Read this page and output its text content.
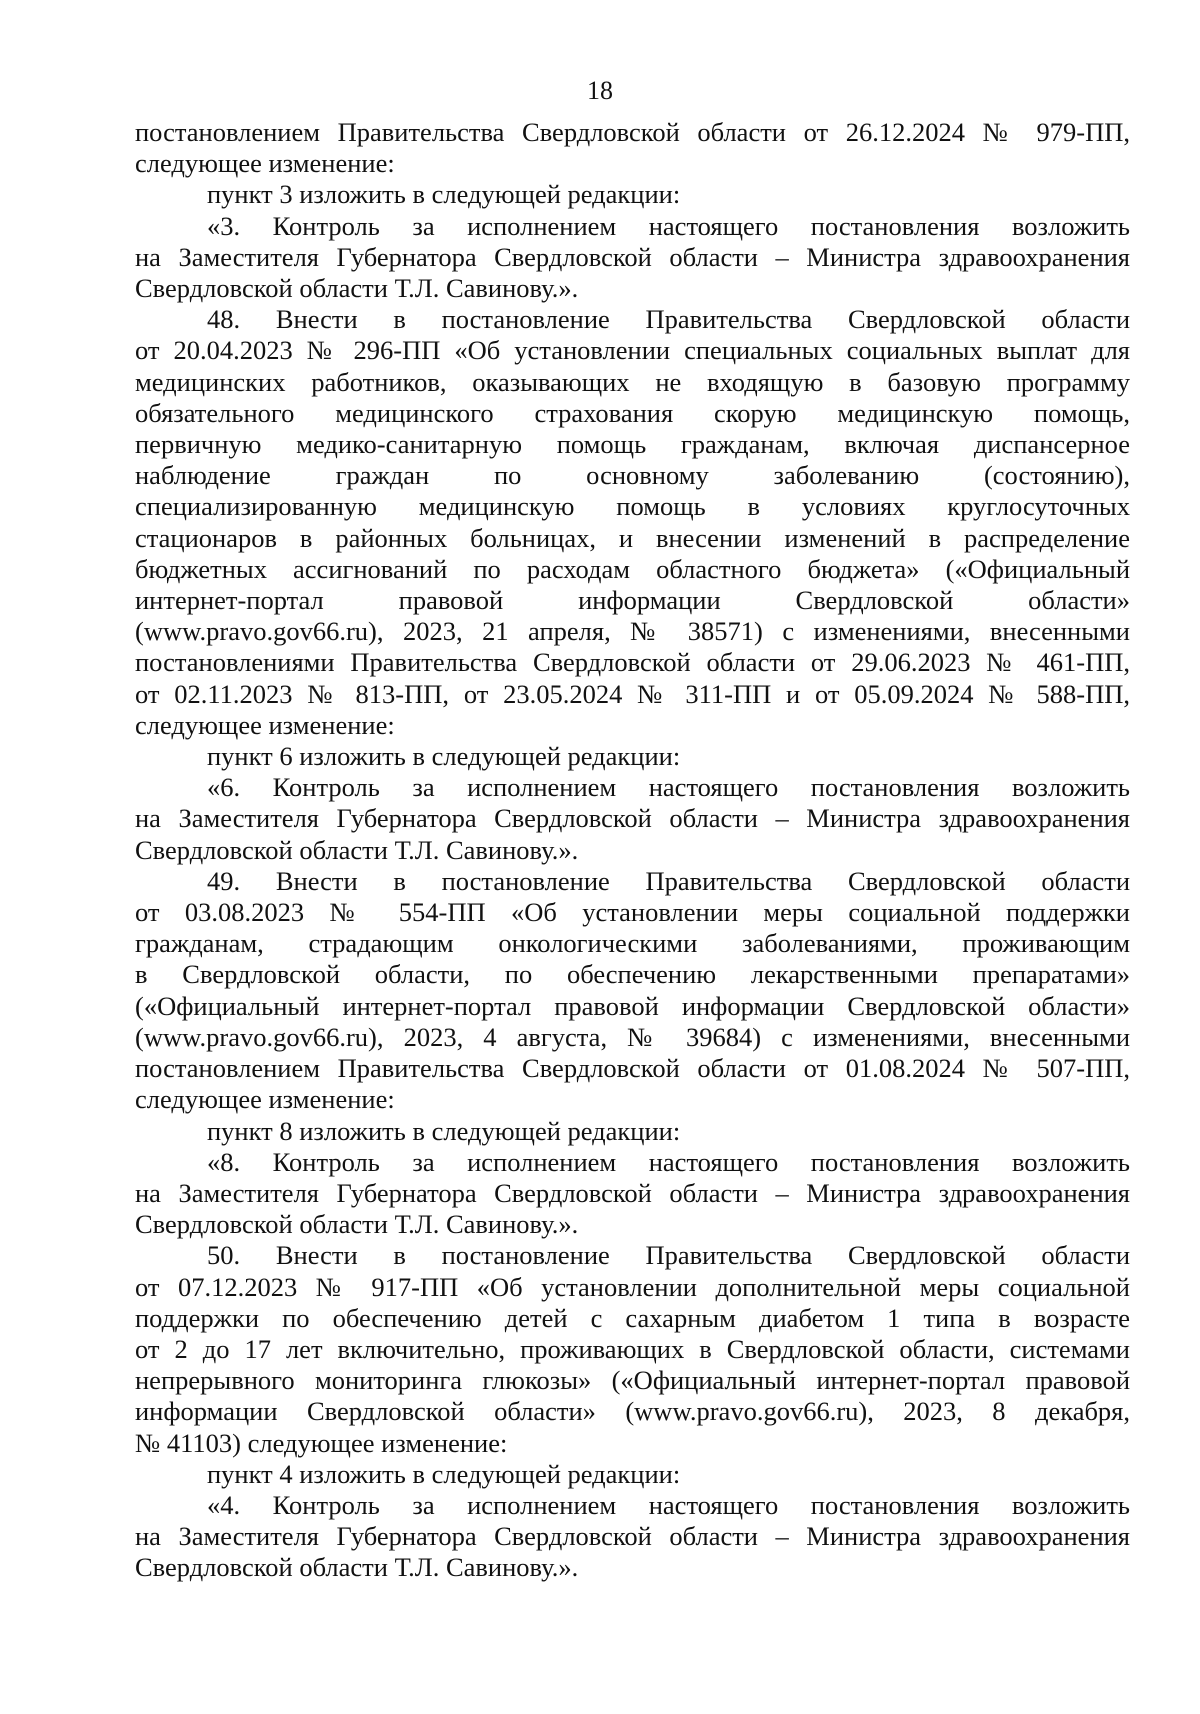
18
постановлением Правительства Свердловской области от 26.12.2024 № 979-ПП,
следующее изменение:
пункт 3 изложить в следующей редакции:
«3. Контроль за исполнением настоящего постановления возложить
на Заместителя Губернатора Свердловской области – Министра здравоохранения
Свердловской области Т.Л. Савинову.».
48. Внести в постановление Правительства Свердловской области
от 20.04.2023 № 296-ПП «Об установлении специальных социальных выплат для
медицинских работников, оказывающих не входящую в базовую программу
обязательного медицинского страхования скорую медицинскую помощь,
первичную медико-санитарную помощь гражданам, включая диспансерное
наблюдение граждан по основному заболеванию (состоянию),
специализированную медицинскую помощь в условиях круглосуточных
стационаров в районных больницах, и внесении изменений в распределение
бюджетных ассигнований по расходам областного бюджета» («Официальный
интернет-портал правовой информации Свердловской области»
(www.pravo.gov66.ru), 2023, 21 апреля, № 38571) с изменениями, внесенными
постановлениями Правительства Свердловской области от 29.06.2023 № 461-ПП,
от 02.11.2023 № 813-ПП, от 23.05.2024 № 311-ПП и от 05.09.2024 № 588-ПП,
следующее изменение:
пункт 6 изложить в следующей редакции:
«6. Контроль за исполнением настоящего постановления возложить
на Заместителя Губернатора Свердловской области – Министра здравоохранения
Свердловской области Т.Л. Савинову.».
49. Внести в постановление Правительства Свердловской области
от 03.08.2023 № 554-ПП «Об установлении меры социальной поддержки
гражданам, страдающим онкологическими заболеваниями, проживающим
в Свердловской области, по обеспечению лекарственными препаратами»
(«Официальный интернет-портал правовой информации Свердловской области»
(www.pravo.gov66.ru), 2023, 4 августа, № 39684) с изменениями, внесенными
постановлением Правительства Свердловской области от 01.08.2024 № 507-ПП,
следующее изменение:
пункт 8 изложить в следующей редакции:
«8. Контроль за исполнением настоящего постановления возложить
на Заместителя Губернатора Свердловской области – Министра здравоохранения
Свердловской области Т.Л. Савинову.».
50. Внести в постановление Правительства Свердловской области
от 07.12.2023 № 917-ПП «Об установлении дополнительной меры социальной
поддержки по обеспечению детей с сахарным диабетом 1 типа в возрасте
от 2 до 17 лет включительно, проживающих в Свердловской области, системами
непрерывного мониторинга глюкозы» («Официальный интернет-портал правовой
информации Свердловской области» (www.pravo.gov66.ru), 2023, 8 декабря,
№ 41103) следующее изменение:
пункт 4 изложить в следующей редакции:
«4. Контроль за исполнением настоящего постановления возложить
на Заместителя Губернатора Свердловской области – Министра здравоохранения
Свердловской области Т.Л. Савинову.».
